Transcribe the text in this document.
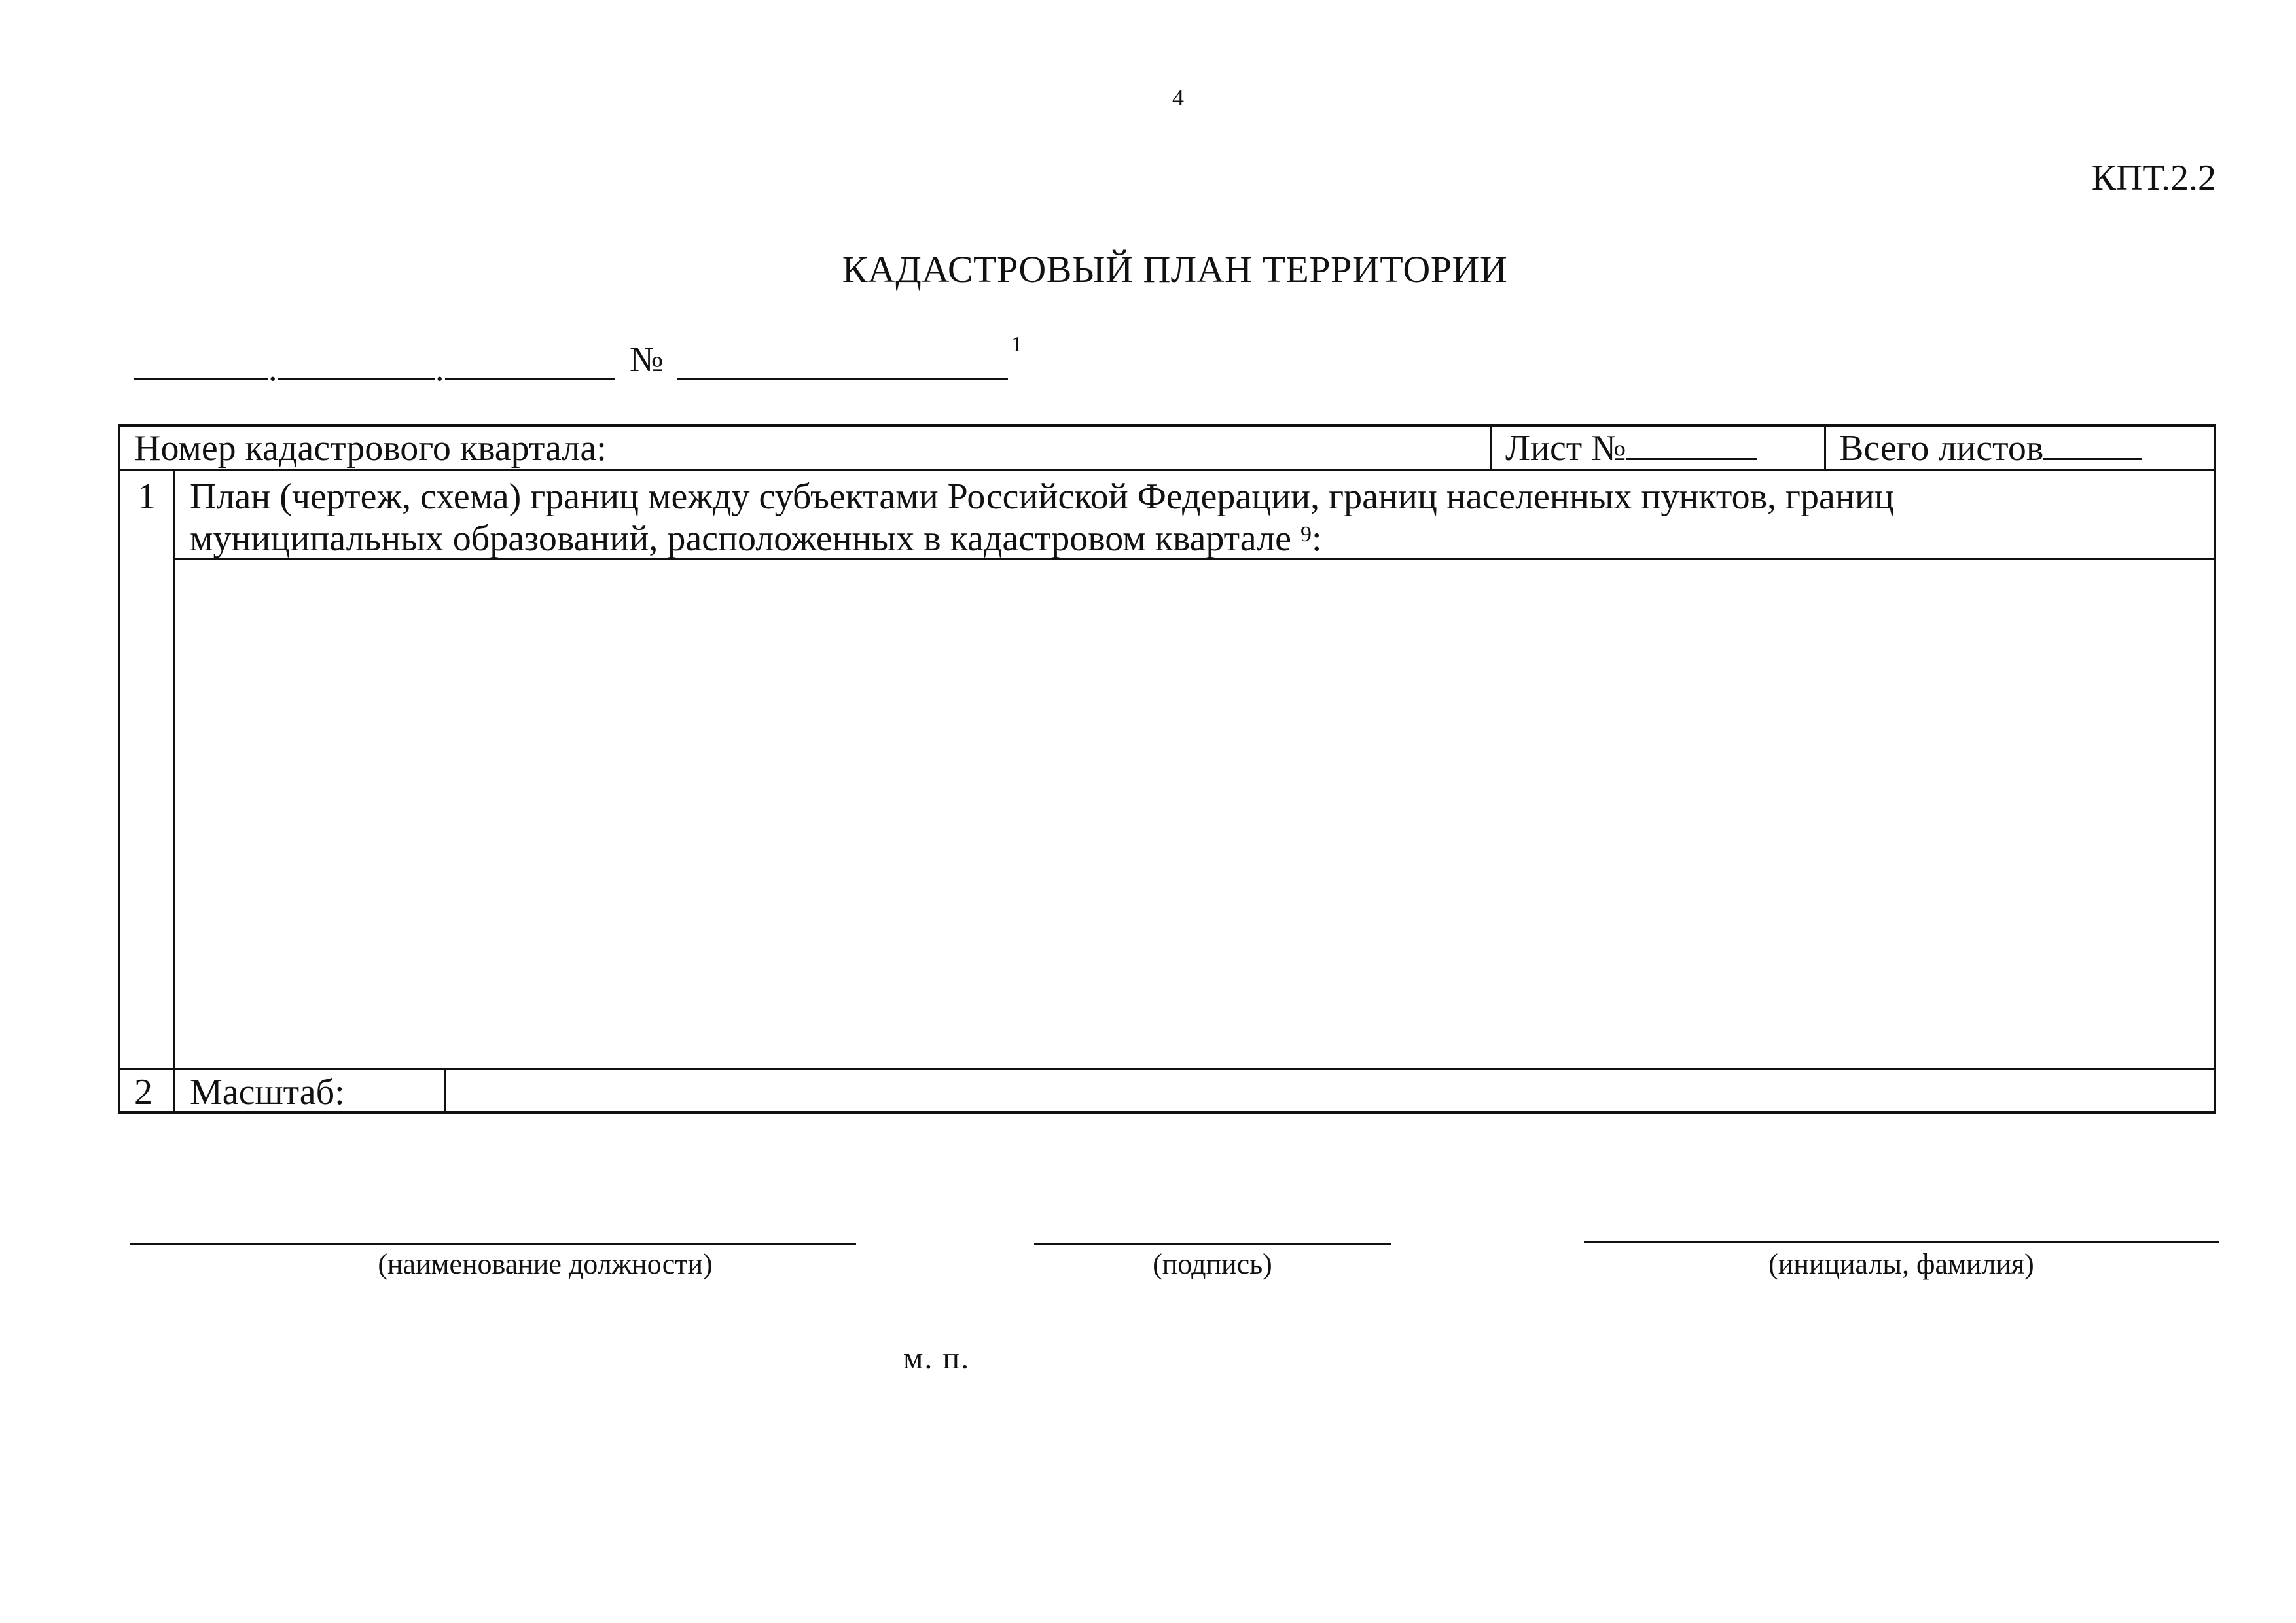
4
КПТ.2.2
КАДАСТРОВЫЙ ПЛАН ТЕРРИТОРИИ
.	.	№	1
Номер кадастрового квартала:	Лист №	Всего листов
1 План (чертеж, схема) границ между субъектами Российской Федерации, границ населенных пунктов, границ
муниципальных образований, расположенных в кадастровом квартале $^9$:
2 Масштаб:
(наименование должности)	(подпись)	(инициалы, фамилия)
м. п.
